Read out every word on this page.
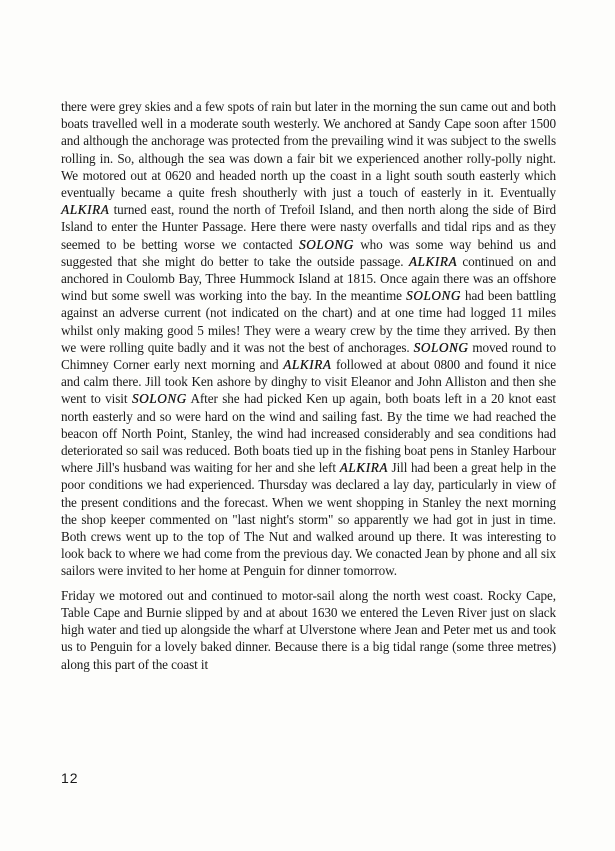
there were grey skies and a few spots of rain but later in the morning the sun came out and both boats travelled well in a moderate south westerly. We anchored at Sandy Cape soon after 1500 and although the anchorage was protected from the prevailing wind it was subject to the swells rolling in. So, although the sea was down a fair bit we experienced another rolly-polly night. We motored out at 0620 and headed north up the coast in a light south south easterly which eventually became a quite fresh shoutherly with just a touch of easterly in it. Eventually ALKIRA turned east, round the north of Trefoil Island, and then north along the side of Bird Island to enter the Hunter Passage. Here there were nasty overfalls and tidal rips and as they seemed to be betting worse we contacted SOLONG who was some way behind us and suggested that she might do better to take the outside passage. ALKIRA continued on and anchored in Coulomb Bay, Three Hummock Island at 1815. Once again there was an offshore wind but some swell was working into the bay. In the meantime SOLONG had been battling against an adverse current (not indicated on the chart) and at one time had logged 11 miles whilst only making good 5 miles! They were a weary crew by the time they arrived. By then we were rolling quite badly and it was not the best of anchorages. SOLONG moved round to Chimney Corner early next morning and ALKIRA followed at about 0800 and found it nice and calm there. Jill took Ken ashore by dinghy to visit Eleanor and John Alliston and then she went to visit SOLONG After she had picked Ken up again, both boats left in a 20 knot east north easterly and so were hard on the wind and sailing fast. By the time we had reached the beacon off North Point, Stanley, the wind had increased considerably and sea conditions had deteriorated so sail was reduced. Both boats tied up in the fishing boat pens in Stanley Harbour where Jill's husband was waiting for her and she left ALKIRA Jill had been a great help in the poor conditions we had experienced. Thursday was declared a lay day, particularly in view of the present conditions and the forecast. When we went shopping in Stanley the next morning the shop keeper commented on "last night's storm" so apparently we had got in just in time. Both crews went up to the top of The Nut and walked around up there. It was interesting to look back to where we had come from the previous day. We conacted Jean by phone and all six sailors were invited to her home at Penguin for dinner tomorrow.

Friday we motored out and continued to motor-sail along the north west coast. Rocky Cape, Table Cape and Burnie slipped by and at about 1630 we entered the Leven River just on slack high water and tied up alongside the wharf at Ulverstone where Jean and Peter met us and took us to Penguin for a lovely baked dinner. Because there is a big tidal range (some three metres) along this part of the coast it

12
